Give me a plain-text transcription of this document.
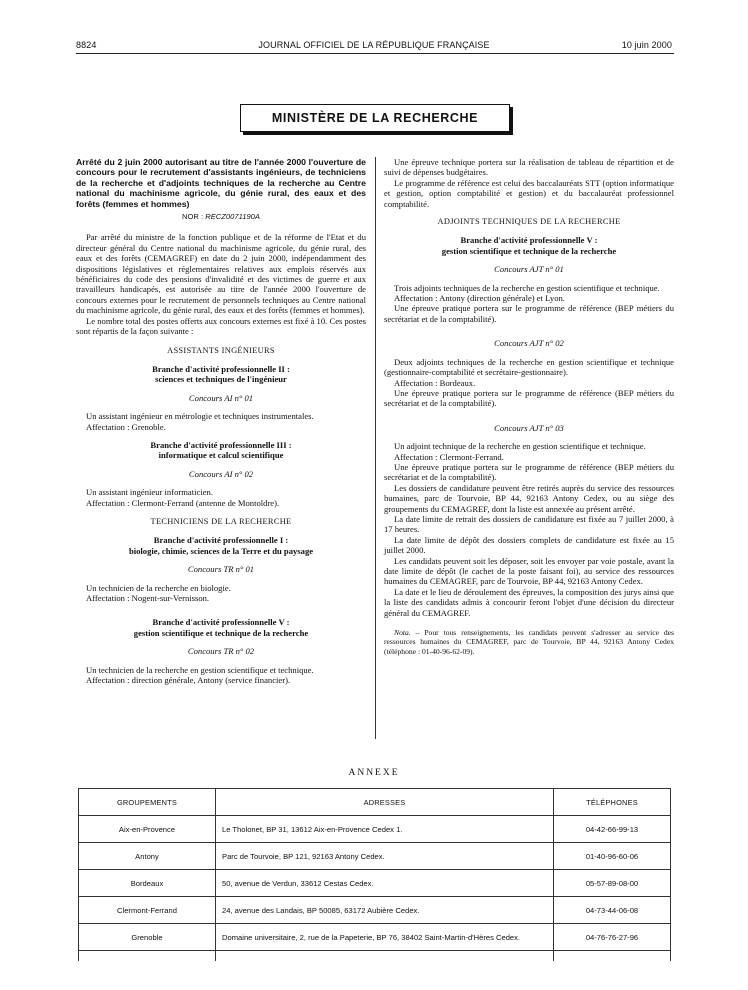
8824	JOURNAL OFFICIEL DE LA RÉPUBLIQUE FRANÇAISE	10 juin 2000
MINISTÈRE DE LA RECHERCHE

Arrêté du 2 juin 2000 autorisant au titre de l'année 2000 l'ouverture de concours pour le recrutement d'assistants ingénieurs, de techniciens de la recherche et d'adjoints techniques de la recherche au Centre national du machinisme agricole, du génie rural, des eaux et des forêts (femmes et hommes)

NOR : RECZ0071190A

Par arrêté du ministre de la fonction publique et de la réforme de l'Etat et du directeur général du Centre national du machinisme agricole, du génie rural, des eaux et des forêts (CEMAGREF) en date du 2 juin 2000, indépendamment des dispositions législatives et réglementaires relatives aux emplois réservés aux bénéficiaires du code des pensions d'invalidité et des victimes de guerre et aux travailleurs handicapés, est autorisée au titre de l'année 2000 l'ouverture de concours externes pour le recrutement de personnels techniques au Centre national du machinisme agricole, du génie rural, des eaux et des forêts (femmes et hommes).

Le nombre total des postes offerts aux concours externes est fixé à 10. Ces postes sont répartis de la façon suivante :

ASSISTANTS INGÉNIEURS
Branche d'activité professionnelle II :
sciences et techniques de l'ingénieur
Concours AI n° 01

Un assistant ingénieur en métrologie et techniques instrumentales.

Affectation : Grenoble.

Branche d'activité professionnelle III :
informatique et calcul scientifique
Concours AI n° 02

Un assistant ingénieur informaticien.

Affectation : Clermont-Ferrand (antenne de Montoldre).

TECHNICIENS DE LA RECHERCHE
Branche d'activité professionnelle I :
biologie, chimie, sciences de la Terre et du paysage
Concours TR n° 01

Un technicien de la recherche en biologie.

Affectation : Nogent-sur-Vernisson.

Branche d'activité professionnelle V :
gestion scientifique et technique de la recherche
Concours TR n° 02

Un technicien de la recherche en gestion scientifique et technique.

Affectation : direction générale, Antony (service financier).

Une épreuve technique portera sur la réalisation de tableau de répartition et de suivi de dépenses budgétaires.

Le programme de référence est celui des baccalauréats STT (option informatique et gestion, option comptabilité et gestion) et du baccalauréat professionnel comptabilité.

ADJOINTS TECHNIQUES DE LA RECHERCHE
Branche d'activité professionnelle V :
gestion scientifique et technique de la recherche
Concours AJT n° 01

Trois adjoints techniques de la recherche en gestion scientifique et technique.

Affectation : Antony (direction générale) et Lyon.

Une épreuve pratique portera sur le programme de référence (BEP métiers du secrétariat et de la comptabilité).

Concours AJT n° 02

Deux adjoints techniques de la recherche en gestion scientifique et technique (gestionnaire-comptabilité et secrétaire-gestionnaire).

Affectation : Bordeaux.

Une épreuve pratique portera sur le programme de référence (BEP métiers du secrétariat et de la comptabilité).

Concours AJT n° 03

Un adjoint technique de la recherche en gestion scientifique et technique.

Affectation : Clermont-Ferrand.

Une épreuve pratique portera sur le programme de référence (BEP métiers du secrétariat et de la comptabilité).

Les dossiers de candidature peuvent être retirés auprès du service des ressources humaines, parc de Tourvoie, BP 44, 92163 Antony Cedex, ou au siège des groupements du CEMAGREF, dont la liste est annexée au présent arrêté.

La date limite de retrait des dossiers de candidature est fixée au 7 juillet 2000, à 17 heures.

La date limite de dépôt des dossiers complets de candidature est fixée au 15 juillet 2000.

Les candidats peuvent soit les déposer, soit les envoyer par voie postale, avant la date limite de dépôt (le cachet de la poste faisant foi), au service des ressources humaines du CEMAGREF, parc de Tourvoie, BP 44, 92163 Antony Cedex.

La date et le lieu de déroulement des épreuves, la composition des jurys ainsi que la liste des candidats admis à concourir feront l'objet d'une décision du directeur général du CEMAGREF.

Nota. – Pour tous renseignements, les candidats peuvent s'adresser au service des ressources humaines du CEMAGREF, parc de Tourvoie, BP 44, 92163 Antony Cedex (téléphone : 01-40-96-62-09).

ANNEXE
GROUPEMENTS	ADRESSES	TÉLÉPHONES
Aix-en-Provence	Le Tholonet, BP 31, 13612 Aix-en-Provence Cedex 1.	04-42-66-99-13
Antony	Parc de Tourvoie, BP 121, 92163 Antony Cedex.	01-40-96-60-06
Bordeaux	50, avenue de Verdun, 33612 Cestas Cedex.	05-57-89-08-00
Clermont-Ferrand	24, avenue des Landais, BP 50085, 63172 Aubière Cedex.	04-73-44-06-08
Grenoble	Domaine universitaire, 2, rue de la Papeterie, BP 76, 38402 Saint-Martin-d'Hères Cedex.	04-76-76-27-96
